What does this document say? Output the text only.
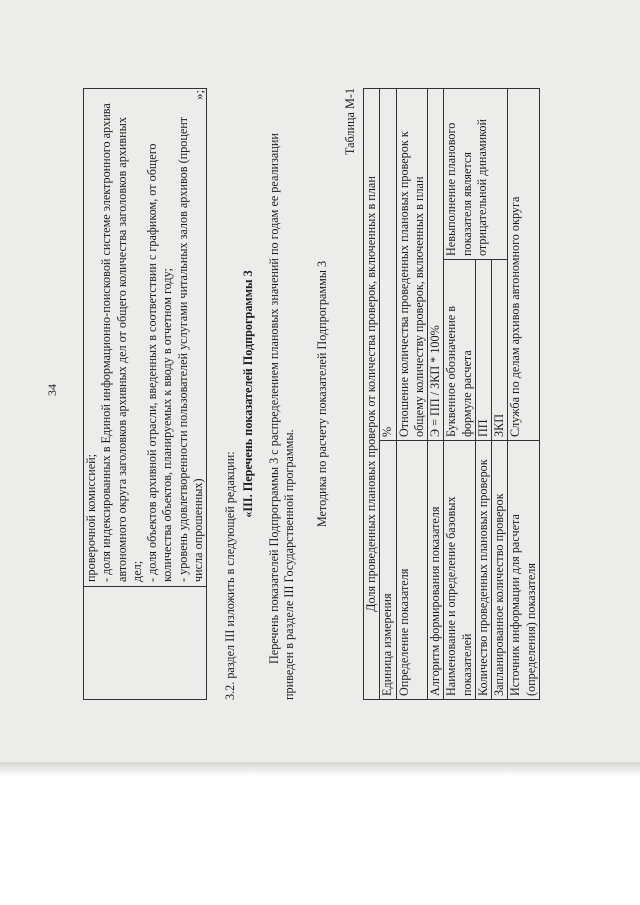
34

проверочной комиссией; - доля индексированных в Единой информационно-поисковой системе электронного архива автономного округа заголовков архивных дел от общего количества заголовков архивных дел; - доля объектов архивной отрасли, введенных в соответствии с графиком, от общего количества объектов, планируемых к вводу в отчетном году; - уровень удовлетворенности пользователей услугами читальных залов архивов (процент числа опрошенных)
»;
3.2. раздел III изложить в следующей редакции:
«III. Перечень показателей Подпрограммы 3 Перечень показателей Подпрограммы 3 с распределением плановых значений по годам ее реализации приведен в разделе III Государственной программы.
Методика по расчету показателей Подпрограммы 3
Таблица М-1
Доля проведенных плановых проверок от количества проверок, включенных в план		
Единица измерения	%	
Определение показателя	Отношение количества проведенных плановых проверок к общему количеству проверок, включенных в план	
Алгоритм формирования показателя	Э = ПП / ЗКП * 100%	
Наименование и определение базовых показателей	Буквенное обозначение в формуле расчета	Невыполнение планового показателя является отрицательной динамикой
Количество проведенных плановых проверок	ПП	
Запланированное количество проверок	ЗКП	
Источник информации для расчета (определения) показателя	Служба по делам архивов автономного округа	
